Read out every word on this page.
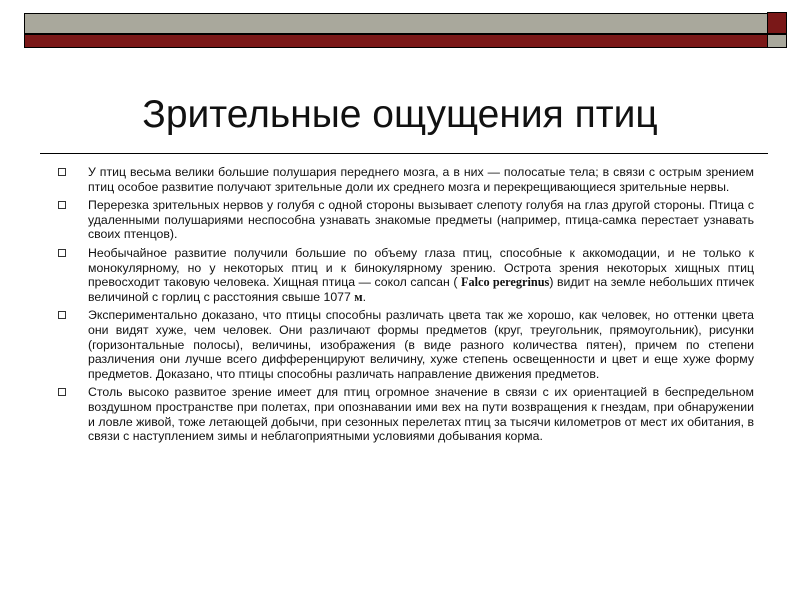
Зрительные ощущения птиц
У птиц весьма велики большие полушария переднего мозга, а в них — полосатые тела; в связи с острым зрением птиц особое развитие получают зрительные доли их среднего мозга и перекрещивающиеся зрительные нервы.
Перерезка зрительных нервов у голубя с одной стороны вызывает слепоту голубя на глаз другой стороны. Птица с удаленными полушариями неспособна узнавать знакомые предметы (например, птица-самка перестает узнавать своих птенцов).
Необычайное развитие получили большие по объему глаза птиц, способные к аккомодации, и не только к монокулярному, но у некоторых птиц и к бинокулярному зрению. Острота зрения некоторых хищных птиц превосходит таковую человека. Хищная птица — сокол сапсан ( Falco peregrinus) видит на земле небольших птичек величиной с горлиц с расстояния свыше 1077 м.
Экспериментально доказано, что птицы способны различать цвета так же хорошо, как человек, но оттенки цвета они видят хуже, чем человек. Они различают формы предметов (круг, треугольник, прямоугольник), рисунки (горизонтальные полосы), величины, изображения (в виде разного количества пятен), причем по степени различения они лучше всего дифференцируют величину, хуже степень освещенности и цвет и еще хуже форму предметов. Доказано, что птицы способны различать направление движения предметов.
Столь высоко развитое зрение имеет для птиц огромное значение в связи с их ориентацией в беспредельном воздушном пространстве при полетах, при опознавании ими вех на пути возвращения к гнездам, при обнаружении и ловле живой, тоже летающей добычи, при сезонных перелетах птиц за тысячи километров от мест их обитания, в связи с наступлением зимы и неблагоприятными условиями добывания корма.
